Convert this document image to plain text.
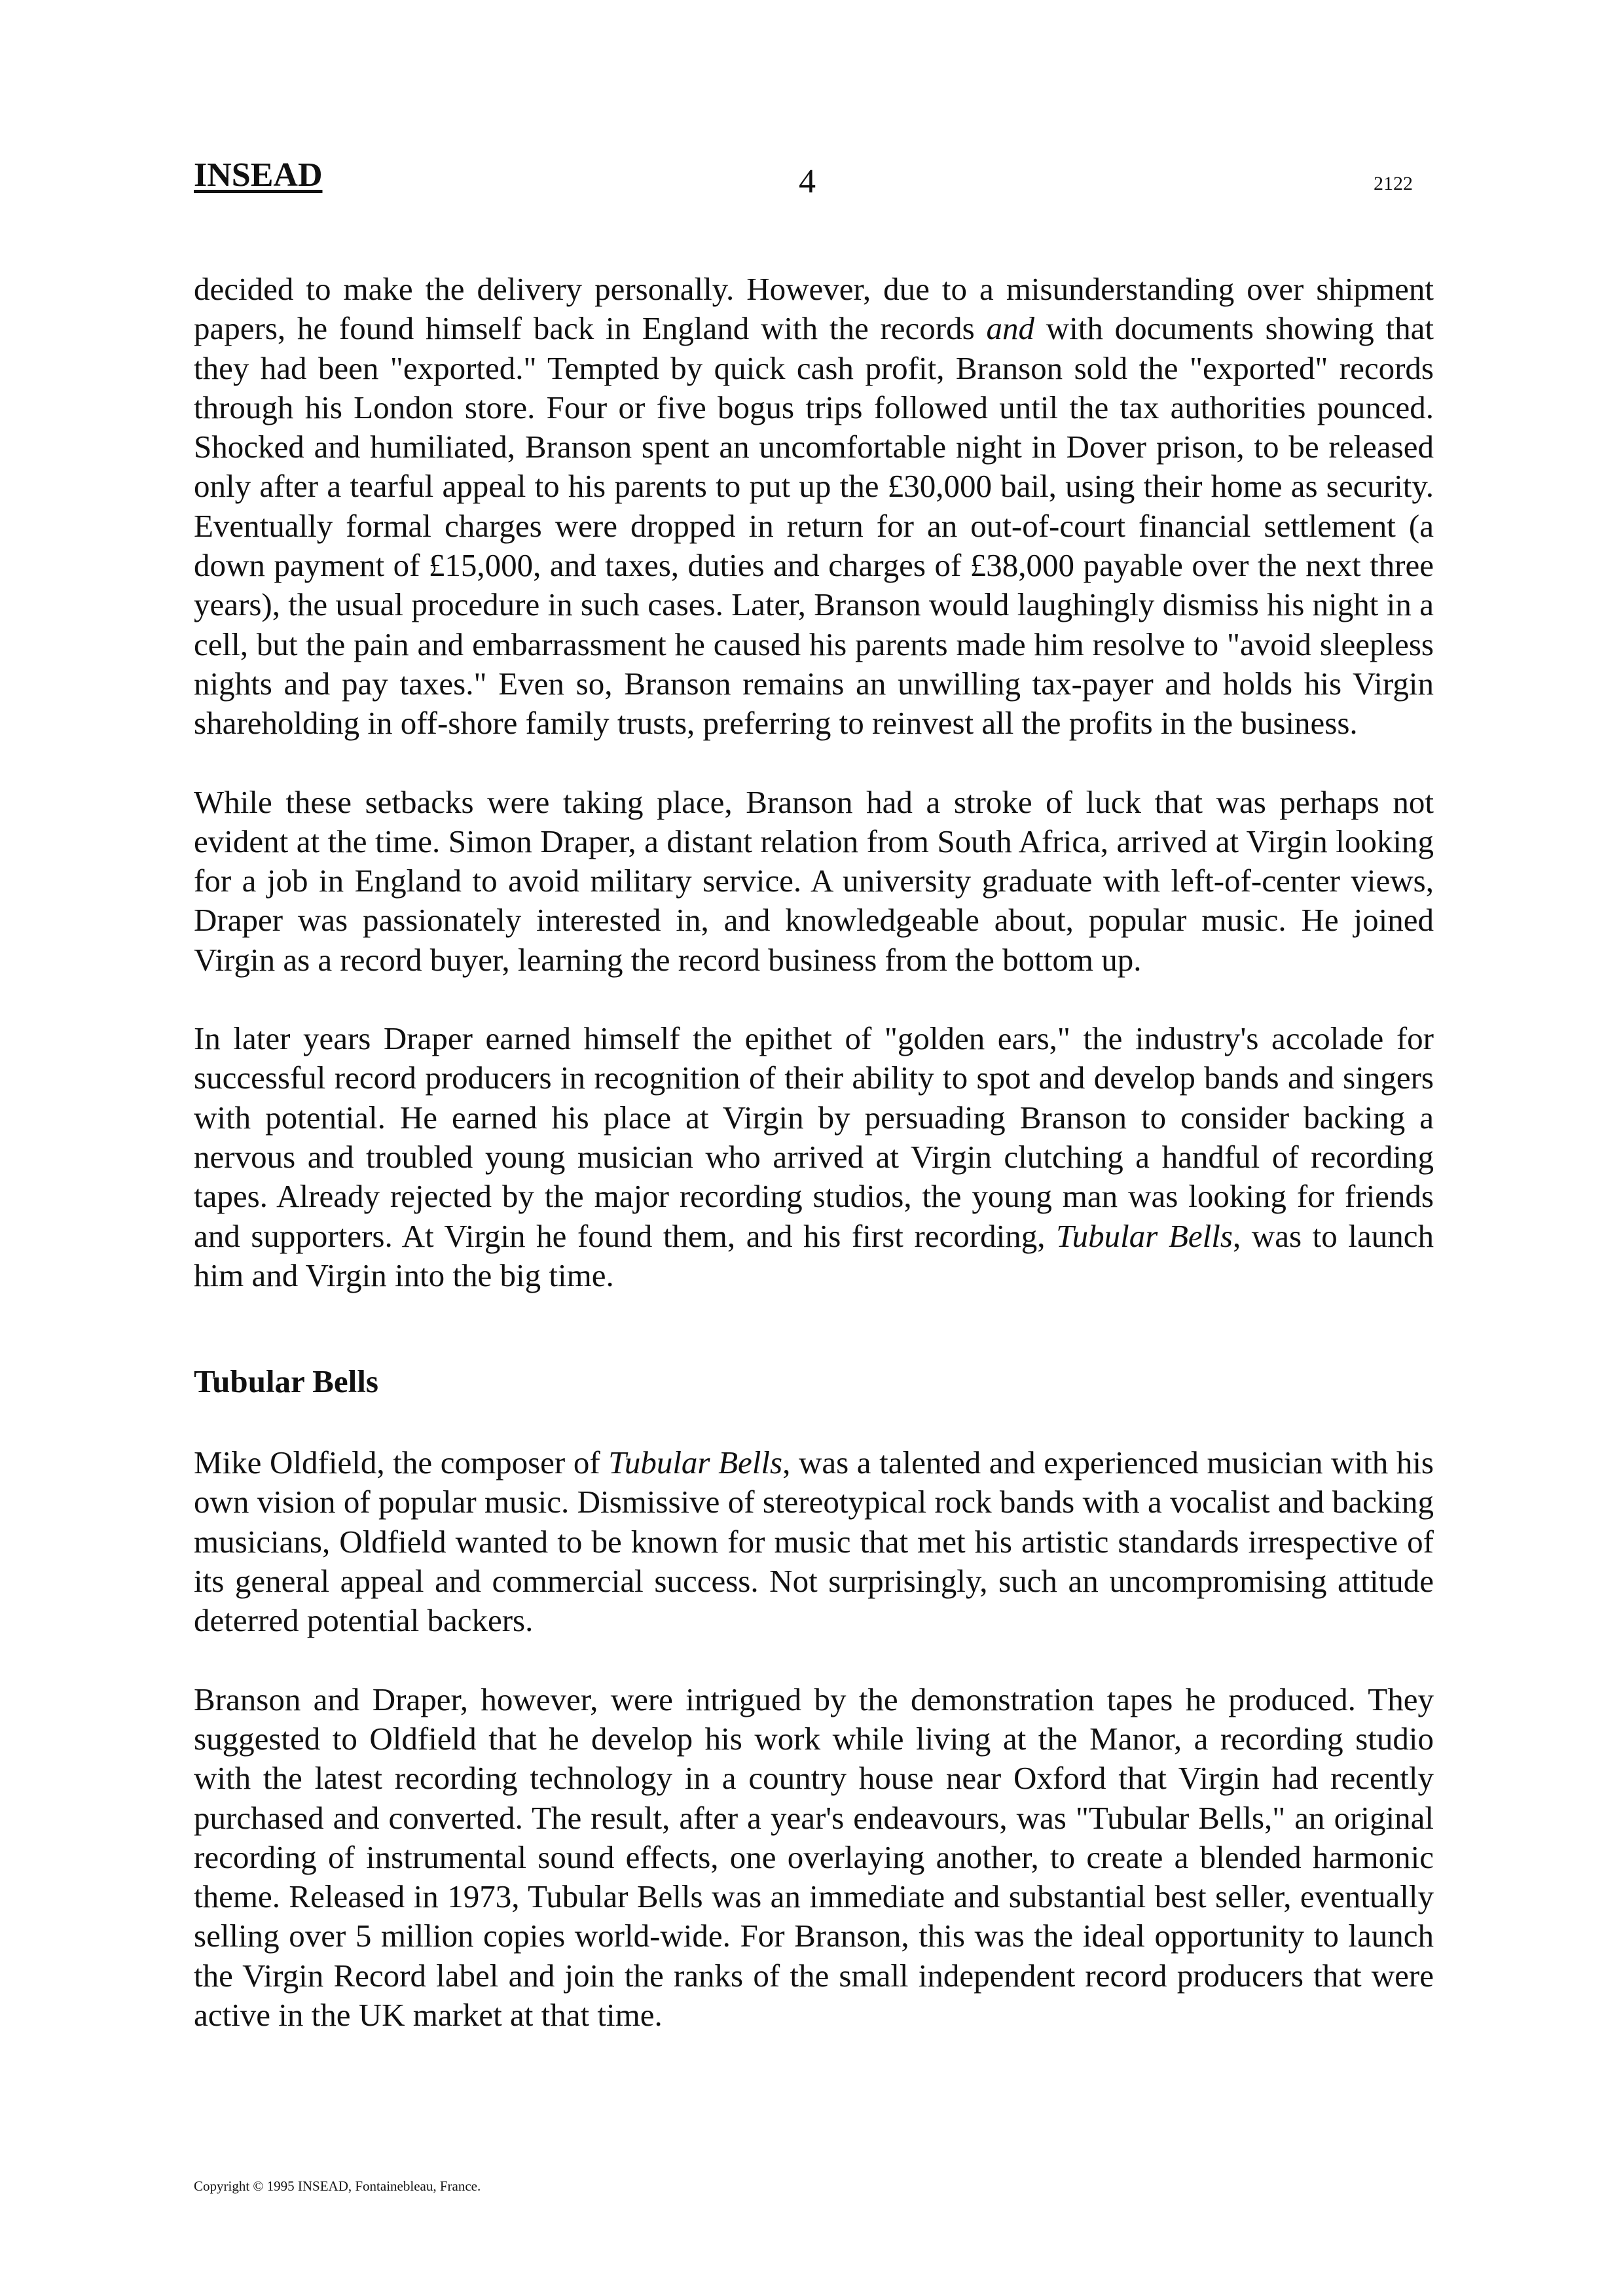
INSEAD	4	2122

decided to make the delivery personally. However, due to a misunderstanding over shipment papers, he found himself back in England with the records and with documents showing that they had been "exported." Tempted by quick cash profit, Branson sold the "exported" records through his London store. Four or five bogus trips followed until the tax authorities pounced. Shocked and humiliated, Branson spent an uncomfortable night in Dover prison, to be released only after a tearful appeal to his parents to put up the £30,000 bail, using their home as security. Eventually formal charges were dropped in return for an out-of-court financial settlement (a down payment of £15,000, and taxes, duties and charges of £38,000 payable over the next three years), the usual procedure in such cases. Later, Branson would laughingly dismiss his night in a cell, but the pain and embarrassment he caused his parents made him resolve to "avoid sleepless nights and pay taxes." Even so, Branson remains an unwilling tax-payer and holds his Virgin shareholding in off-shore family trusts, preferring to reinvest all the profits in the business.

While these setbacks were taking place, Branson had a stroke of luck that was perhaps not evident at the time. Simon Draper, a distant relation from South Africa, arrived at Virgin looking for a job in England to avoid military service. A university graduate with left-of-center views, Draper was passionately interested in, and knowledgeable about, popular music. He joined Virgin as a record buyer, learning the record business from the bottom up.

In later years Draper earned himself the epithet of "golden ears," the industry's accolade for successful record producers in recognition of their ability to spot and develop bands and singers with potential. He earned his place at Virgin by persuading Branson to consider backing a nervous and troubled young musician who arrived at Virgin clutching a handful of recording tapes. Already rejected by the major recording studios, the young man was looking for friends and supporters. At Virgin he found them, and his first recording, Tubular Bells, was to launch him and Virgin into the big time.

Tubular Bells

Mike Oldfield, the composer of Tubular Bells, was a talented and experienced musician with his own vision of popular music. Dismissive of stereotypical rock bands with a vocalist and backing musicians, Oldfield wanted to be known for music that met his artistic standards irrespective of its general appeal and commercial success. Not surprisingly, such an uncompromising attitude deterred potential backers.

Branson and Draper, however, were intrigued by the demonstration tapes he produced. They suggested to Oldfield that he develop his work while living at the Manor, a recording studio with the latest recording technology in a country house near Oxford that Virgin had recently purchased and converted. The result, after a year's endeavours, was "Tubular Bells," an original recording of instrumental sound effects, one overlaying another, to create a blended harmonic theme. Released in 1973, Tubular Bells was an immediate and substantial best seller, eventually selling over 5 million copies world-wide. For Branson, this was the ideal opportunity to launch the Virgin Record label and join the ranks of the small independent record producers that were active in the UK market at that time.

Copyright © 1995 INSEAD, Fontainebleau, France.
